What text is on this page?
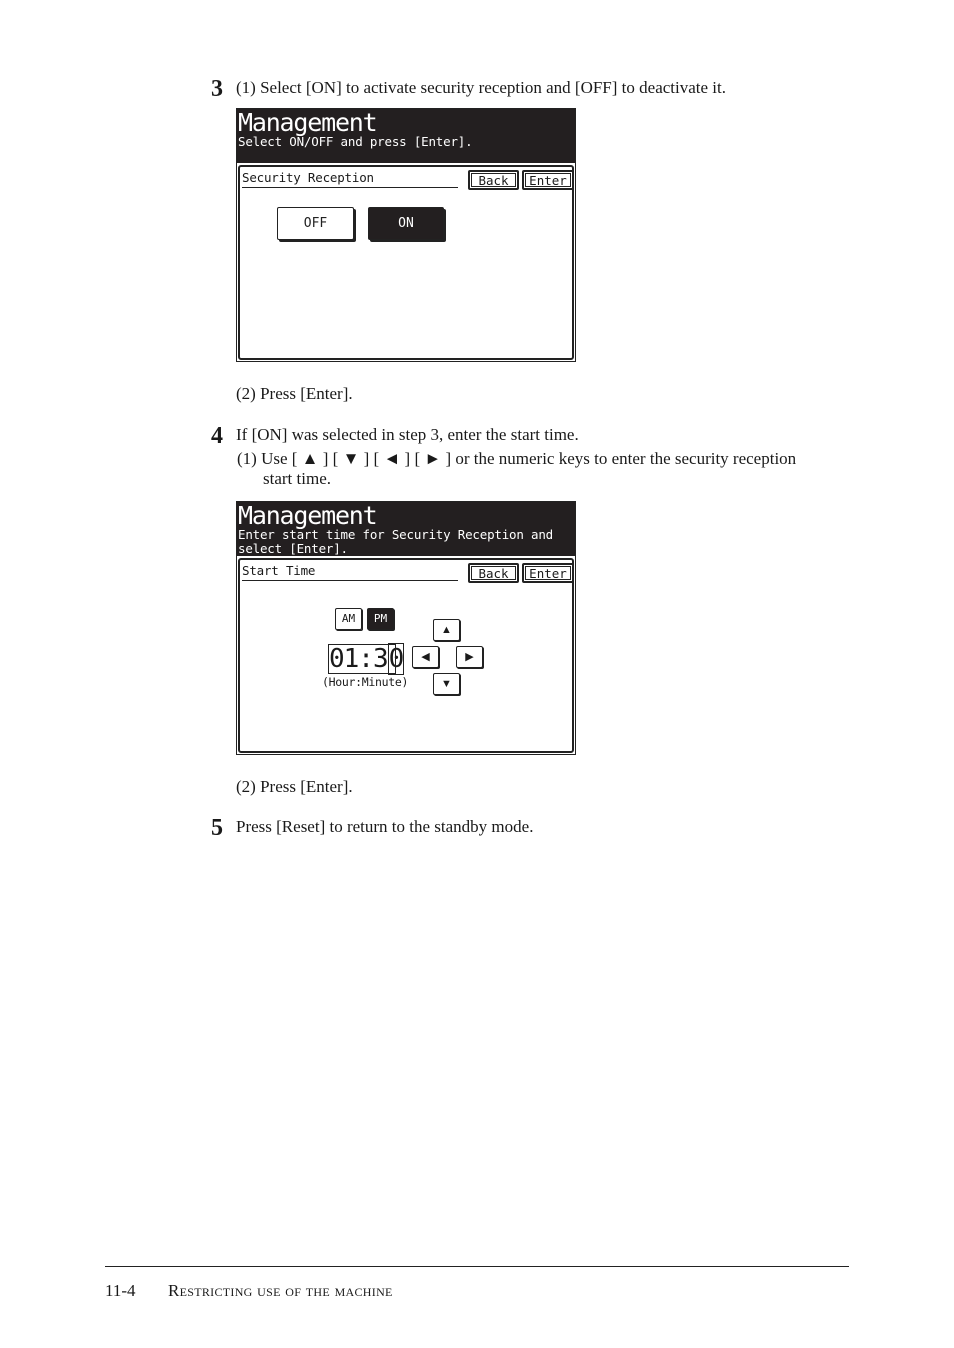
3 (1) Select [ON] to activate security reception and [OFF] to deactivate it.
Management
Select ON/OFF and press [Enter].
Security Reception	Back	Enter
OFF	ON
(2) Press [Enter].
4 If [ON] was selected in step 3, enter the start time.
(1) Use [ ▲ ] [ ▼ ] [ ◄ ] [ ► ] or the numeric keys to enter the security reception
start time.
Management
Enter start time for Security Reception and
select [Enter].
Start Time	Back	Enter
AM	PM
01:30
(Hour:Minute)
▲
◀	▶
▼
(2) Press [Enter].
5 Press [Reset] to return to the standby mode.
11-4 Restricting use of the machine
